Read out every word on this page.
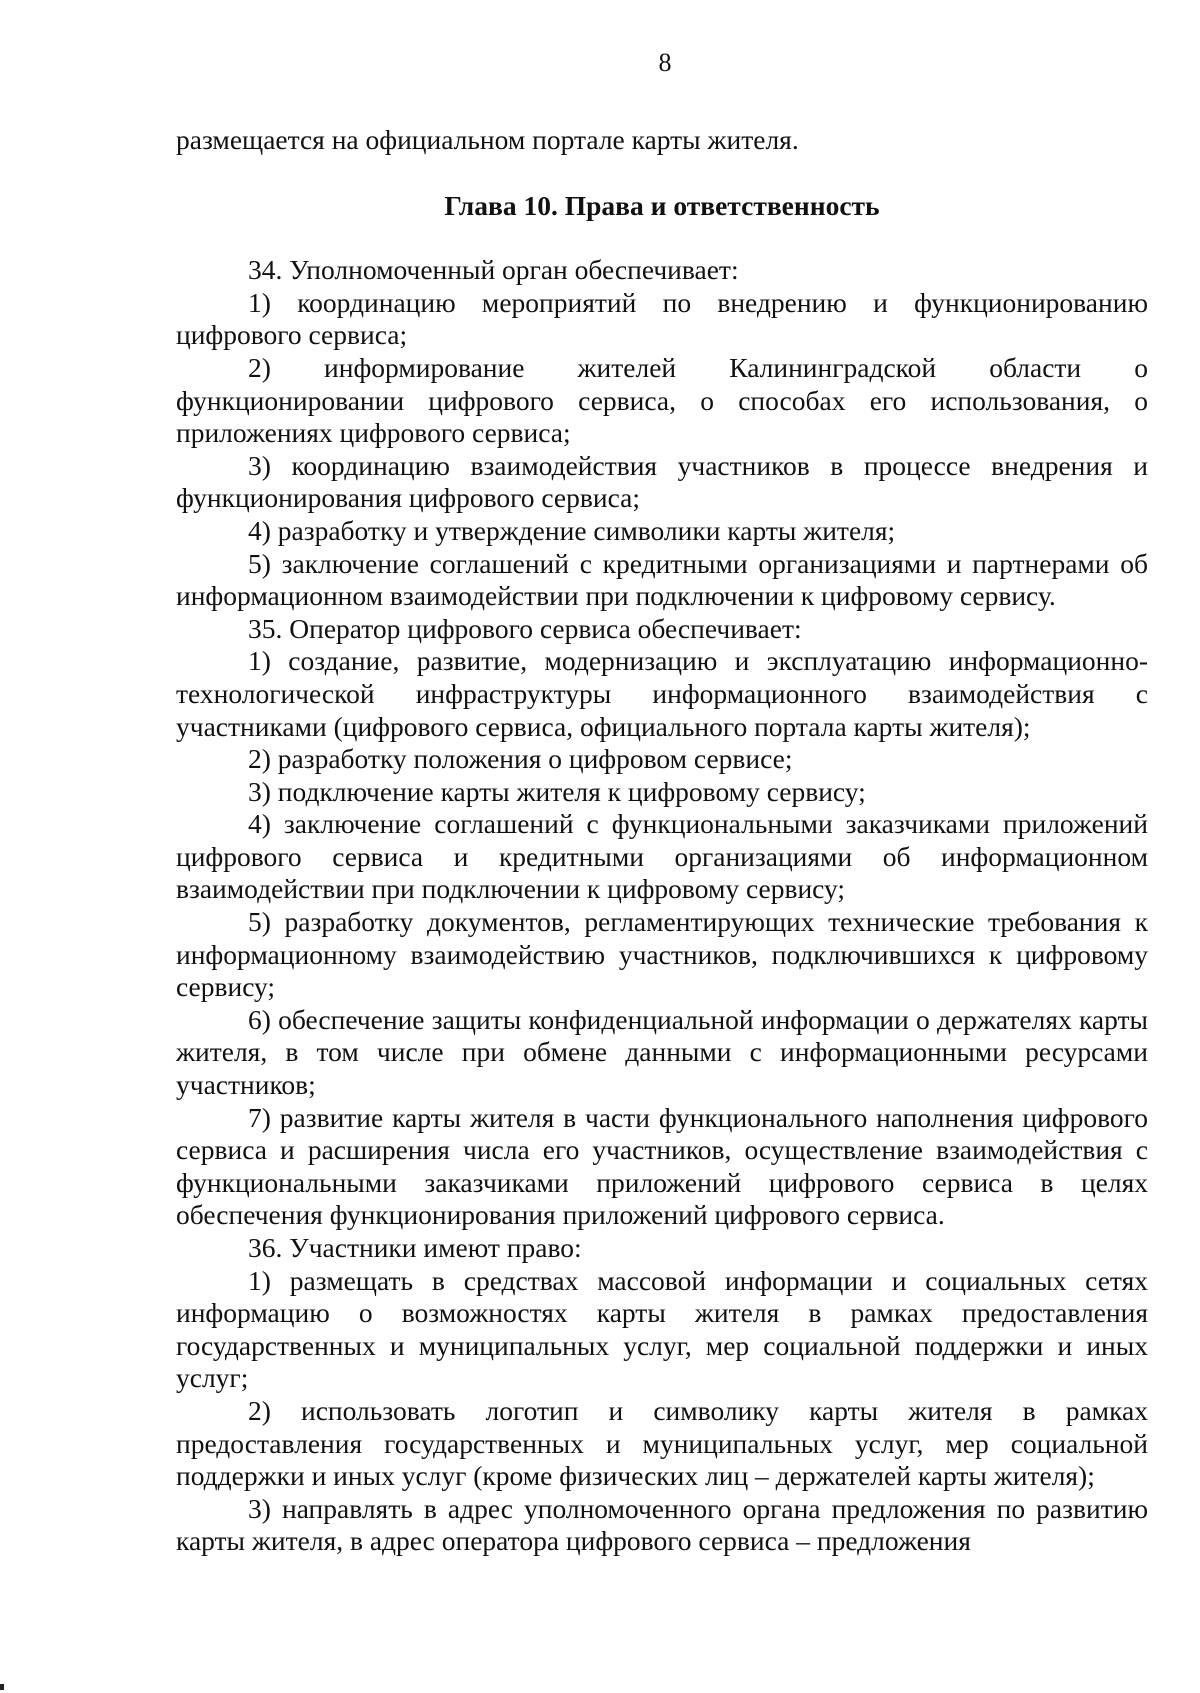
8

размещается на официальном портале карты жителя.

Глава 10. Права и ответственность

34. Уполномоченный орган обеспечивает:

1) координацию мероприятий по внедрению и функционированию цифрового сервиса;

2) информирование жителей Калининградской области о функционировании цифрового сервиса, о способах его использования, о приложениях цифрового сервиса;

3) координацию взаимодействия участников в процессе внедрения и функционирования цифрового сервиса;

4) разработку и утверждение символики карты жителя;

5) заключение соглашений с кредитными организациями и партнерами об информационном взаимодействии при подключении к цифровому сервису.

35. Оператор цифрового сервиса обеспечивает:

1) создание, развитие, модернизацию и эксплуатацию информационно-технологической инфраструктуры информационного взаимодействия с участниками (цифрового сервиса, официального портала карты жителя);

2) разработку положения о цифровом сервисе;

3) подключение карты жителя к цифровому сервису;

4) заключение соглашений с функциональными заказчиками приложений цифрового сервиса и кредитными организациями об информационном взаимодействии при подключении к цифровому сервису;

5) разработку документов, регламентирующих технические требования к информационному взаимодействию участников, подключившихся к цифровому сервису;

6) обеспечение защиты конфиденциальной информации о держателях карты жителя, в том числе при обмене данными с информационными ресурсами участников;

7) развитие карты жителя в части функционального наполнения цифрового сервиса и расширения числа его участников, осуществление взаимодействия с функциональными заказчиками приложений цифрового сервиса в целях обеспечения функционирования приложений цифрового сервиса.

36. Участники имеют право:

1) размещать в средствах массовой информации и социальных сетях информацию о возможностях карты жителя в рамках предоставления государственных и муниципальных услуг, мер социальной поддержки и иных услуг;

2) использовать логотип и символику карты жителя в рамках предоставления государственных и муниципальных услуг, мер социальной поддержки и иных услуг (кроме физических лиц – держателей карты жителя);

3) направлять в адрес уполномоченного органа предложения по развитию карты жителя, в адрес оператора цифрового сервиса – предложения
